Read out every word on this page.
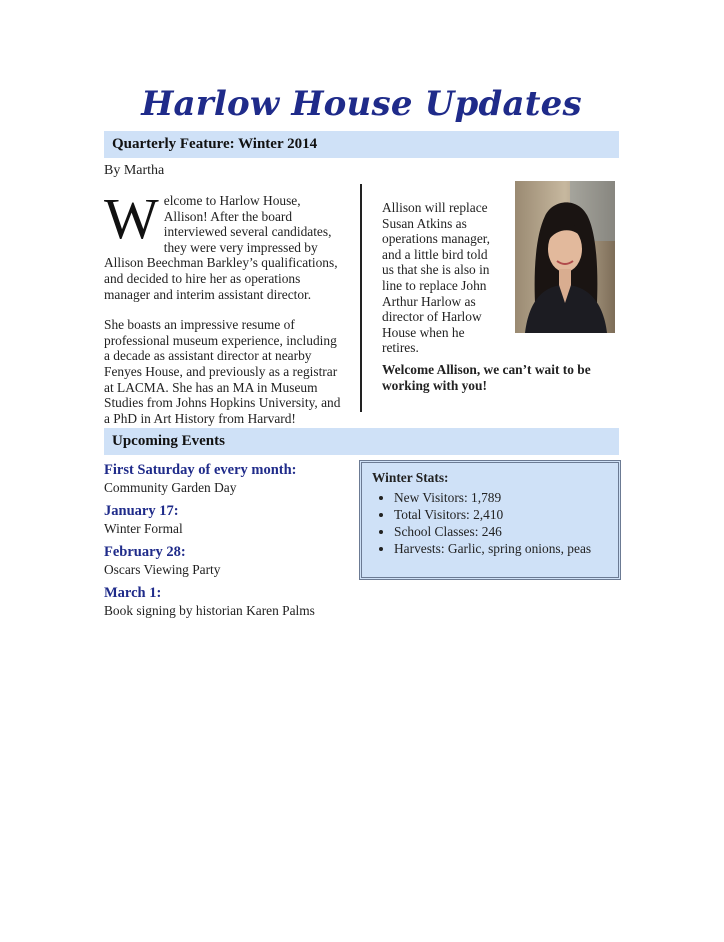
Harlow House Updates
Quarterly Feature: Winter 2014
By Martha

Welcome to Harlow House, Allison! After the board interviewed several candidates, they were very impressed by Allison Beechman Barkley’s qualifications, and decided to hire her as operations manager and interim assistant director.

She boasts an impressive resume of professional museum experience, including a decade as assistant director at nearby Fenyes House, and previously as a registrar at LACMA. She has an MA in Museum Studies from Johns Hopkins University, and a PhD in Art History from Harvard!

Allison will replace Susan Atkins as operations manager, and a little bird told us that she is also in line to replace John Arthur Harlow as director of Harlow House when he retires.

Welcome Allison, we can’t wait to be working with you!
Upcoming Events

First Saturday of every month:

Community Garden Day

January 17:

Winter Formal

February 28:

Oscars Viewing Party

March 1:

Book signing by historian Karen Palms

Winter Stats:

• New Visitors: 1,789
• Total Visitors: 2,410
• School Classes: 246
• Harvests: Garlic, spring onions, peas
